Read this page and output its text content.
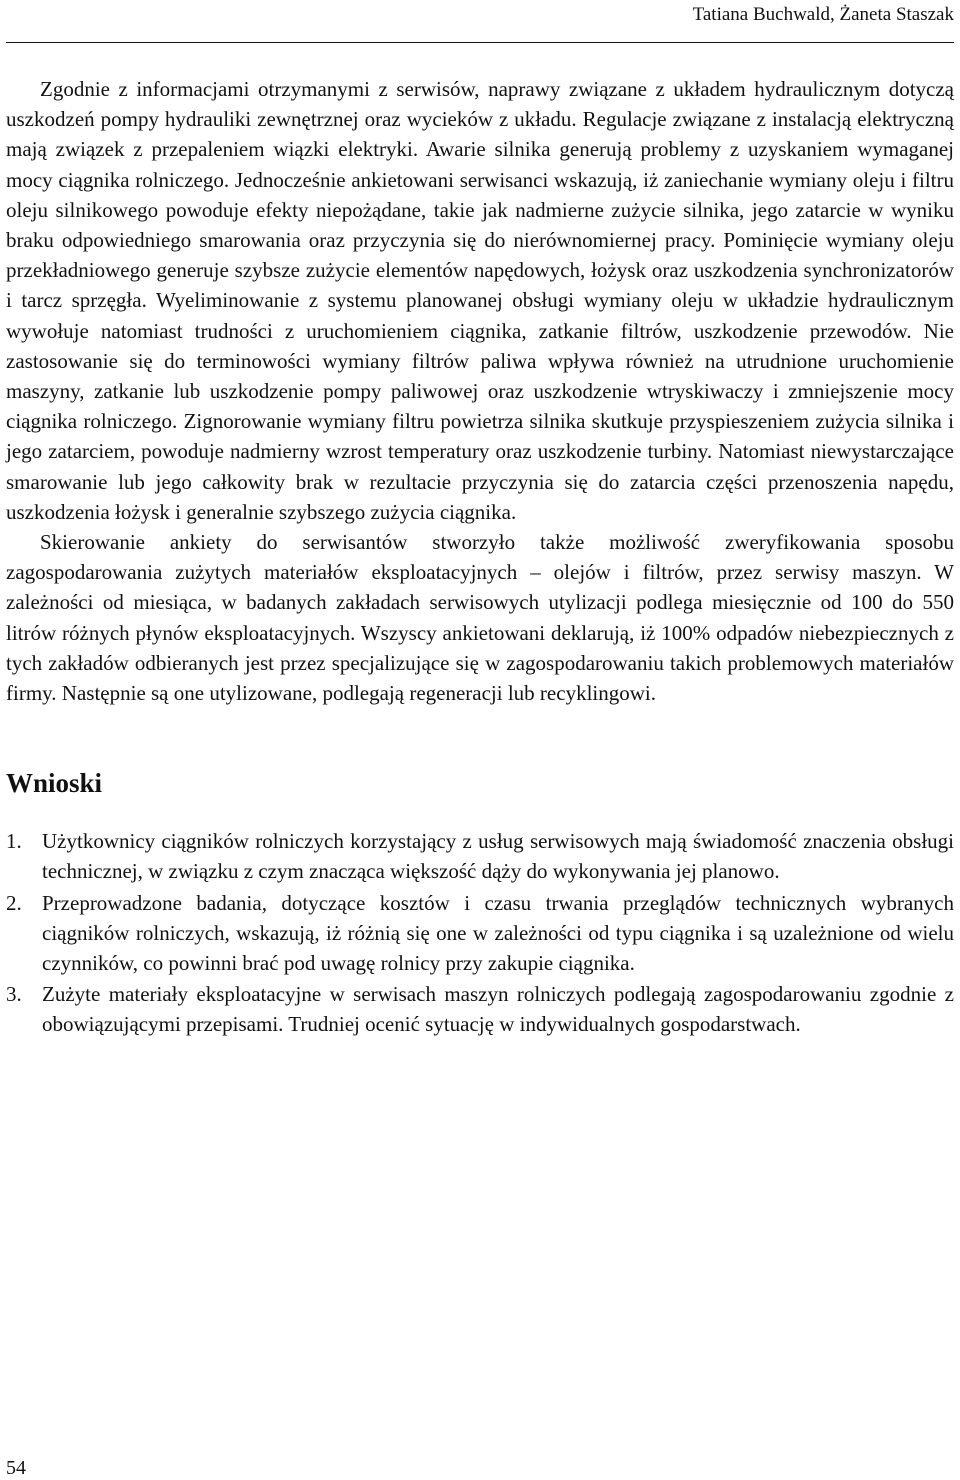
Tatiana Buchwald, Żaneta Staszak

Zgodnie z informacjami otrzymanymi z serwisów, naprawy związane z układem hydraulicznym dotyczą uszkodzeń pompy hydrauliki zewnętrznej oraz wycieków z układu. Regulacje związane z instalacją elektryczną mają związek z przepaleniem wiązki elektryki. Awarie silnika generują problemy z uzyskaniem wymaganej mocy ciągnika rolniczego. Jednocześnie ankietowani serwisanci wskazują, iż zaniechanie wymiany oleju i filtru oleju silnikowego powoduje efekty niepożądane, takie jak nadmierne zużycie silnika, jego zatarcie w wyniku braku odpowiedniego smarowania oraz przyczynia się do nierównomiernej pracy. Pominięcie wymiany oleju przekładniowego generuje szybsze zużycie elementów napędowych, łożysk oraz uszkodzenia synchronizatorów i tarcz sprzęgła. Wyeliminowanie z systemu planowanej obsługi wymiany oleju w układzie hydraulicznym wywołuje natomiast trudności z uruchomieniem ciągnika, zatkanie filtrów, uszkodzenie przewodów. Nie zastosowanie się do terminowości wymiany filtrów paliwa wpływa również na utrudnione uruchomienie maszyny, zatkanie lub uszkodzenie pompy paliwowej oraz uszkodzenie wtryskiwaczy i zmniejszenie mocy ciągnika rolniczego. Zignorowanie wymiany filtru powietrza silnika skutkuje przyspieszeniem zużycia silnika i jego zatarciem, powoduje nadmierny wzrost temperatury oraz uszkodzenie turbiny. Natomiast niewystarczające smarowanie lub jego całkowity brak w rezultacie przyczynia się do zatarcia części przenoszenia napędu, uszkodzenia łożysk i generalnie szybszego zużycia ciągnika.

Skierowanie ankiety do serwisantów stworzyło także możliwość zweryfikowania sposobu zagospodarowania zużytych materiałów eksploatacyjnych – olejów i filtrów, przez serwisy maszyn. W zależności od miesiąca, w badanych zakładach serwisowych utylizacji podlega miesięcznie od 100 do 550 litrów różnych płynów eksploatacyjnych. Wszyscy ankietowani deklarują, iż 100% odpadów niebezpiecznych z tych zakładów odbieranych jest przez specjalizujące się w zagospodarowaniu takich problemowych materiałów firmy. Następnie są one utylizowane, podlegają regeneracji lub recyklingowi.

Wnioski
1. Użytkownicy ciągników rolniczych korzystający z usług serwisowych mają świadomość znaczenia obsługi technicznej, w związku z czym znacząca większość dąży do wykonywania jej planowo.
2. Przeprowadzone badania, dotyczące kosztów i czasu trwania przeglądów technicznych wybranych ciągników rolniczych, wskazują, iż różnią się one w zależności od typu ciągnika i są uzależnione od wielu czynników, co powinni brać pod uwagę rolnicy przy zakupie ciągnika.
3. Zużyte materiały eksploatacyjne w serwisach maszyn rolniczych podlegają zagospodarowaniu zgodnie z obowiązującymi przepisami. Trudniej ocenić sytuację w indywidualnych gospodarstwach.
54
